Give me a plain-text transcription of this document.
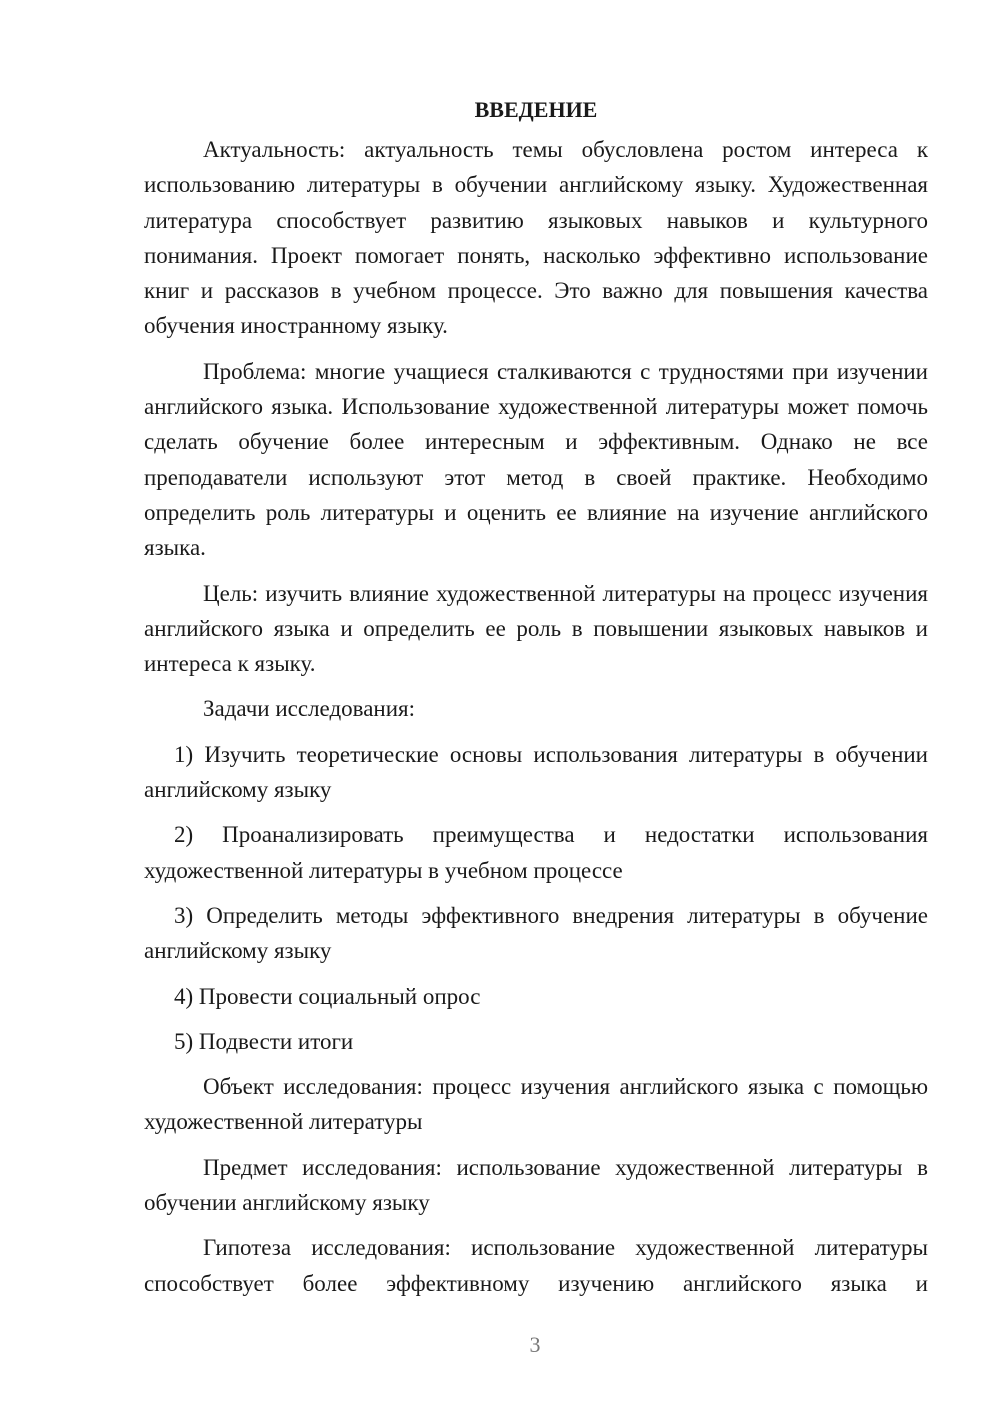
ВВЕДЕНИЕ
Актуальность: актуальность темы обусловлена ростом интереса к использованию литературы в обучении английскому языку. Художественная литература способствует развитию языковых навыков и культурного понимания. Проект помогает понять, насколько эффективно использование книг и рассказов в учебном процессе. Это важно для повышения качества обучения иностранному языку.
Проблема: многие учащиеся сталкиваются с трудностями при изучении английского языка. Использование художественной литературы может помочь сделать обучение более интересным и эффективным. Однако не все преподаватели используют этот метод в своей практике. Необходимо определить роль литературы и оценить ее влияние на изучение английского языка.
Цель: изучить влияние художественной литературы на процесс изучения английского языка и определить ее роль в повышении языковых навыков и интереса к языку.
Задачи исследования:
1) Изучить теоретические основы использования литературы в обучении английскому языку
2) Проанализировать преимущества и недостатки использования художественной литературы в учебном процессе
3) Определить методы эффективного внедрения литературы в обучение английскому языку
4) Провести социальный опрос
5) Подвести итоги
Объект исследования: процесс изучения английского языка с помощью художественной литературы
Предмет исследования: использование художественной литературы в обучении английскому языку
Гипотеза исследования: использование художественной литературы способствует более эффективному изучению английского языка и
3
